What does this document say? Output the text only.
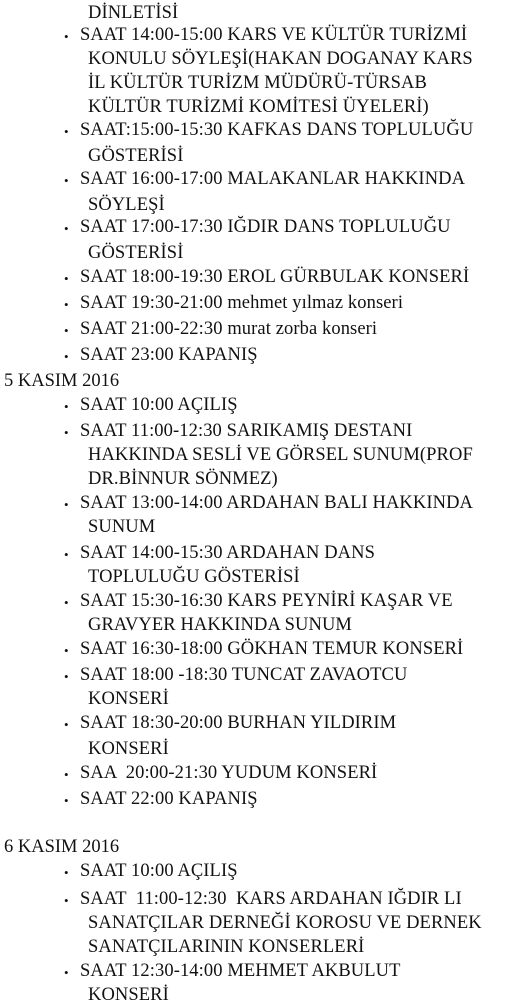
DİNLETİSİ
• SAAT 14:00-15:00 KARS VE KÜLTÜR TURİZMİ
KONULU SÖYLEŞİ(HAKAN DOGANAY KARS
İL KÜLTÜR TURİZM MÜDÜRÜ-TÜRSAB
KÜLTÜR TURİZMİ KOMİTESİ ÜYELERİ)
• SAAT:15:00-15:30 KAFKAS DANS TOPLULUĞU
GÖSTERİSİ
• SAAT 16:00-17:00 MALAKANLAR HAKKINDA
SÖYLEŞİ
• SAAT 17:00-17:30 IĞDIR DANS TOPLULUĞU
GÖSTERİSİ
• SAAT 18:00-19:30 EROL GÜRBULAK KONSERİ
• SAAT 19:30-21:00 mehmet yılmaz konseri
• SAAT 21:00-22:30 murat zorba konseri
• SAAT 23:00 KAPANIŞ
5 KASIM 2016
• SAAT 10:00 AÇILIŞ
• SAAT 11:00-12:30 SARIKAMIŞ DESTANI
HAKKINDA SESLİ VE GÖRSEL SUNUM(PROF
DR.BİNNUR SÖNMEZ)
• SAAT 13:00-14:00 ARDAHAN BALI HAKKINDA
SUNUM
• SAAT 14:00-15:30 ARDAHAN DANS
TOPLULUĞU GÖSTERİSİ
• SAAT 15:30-16:30 KARS PEYNİRİ KAŞAR VE
GRAVYER HAKKINDA SUNUM
• SAAT 16:30-18:00 GÖKHAN TEMUR KONSERİ
• SAAT 18:00 -18:30 TUNCAT ZAVAOTCU
KONSERİ
• SAAT 18:30-20:00 BURHAN YILDIRIM
KONSERİ
• SAA  20:00-21:30 YUDUM KONSERİ
• SAAT 22:00 KAPANIŞ
6 KASIM 2016
• SAAT 10:00 AÇILIŞ
• SAAT  11:00-12:30  KARS ARDAHAN IĞDIR LI
SANATÇILAR DERNEĞİ KOROSU VE DERNEK
SANATÇILARININ KONSERLERİ
• SAAT 12:30-14:00 MEHMET AKBULUT
KONSERİ
